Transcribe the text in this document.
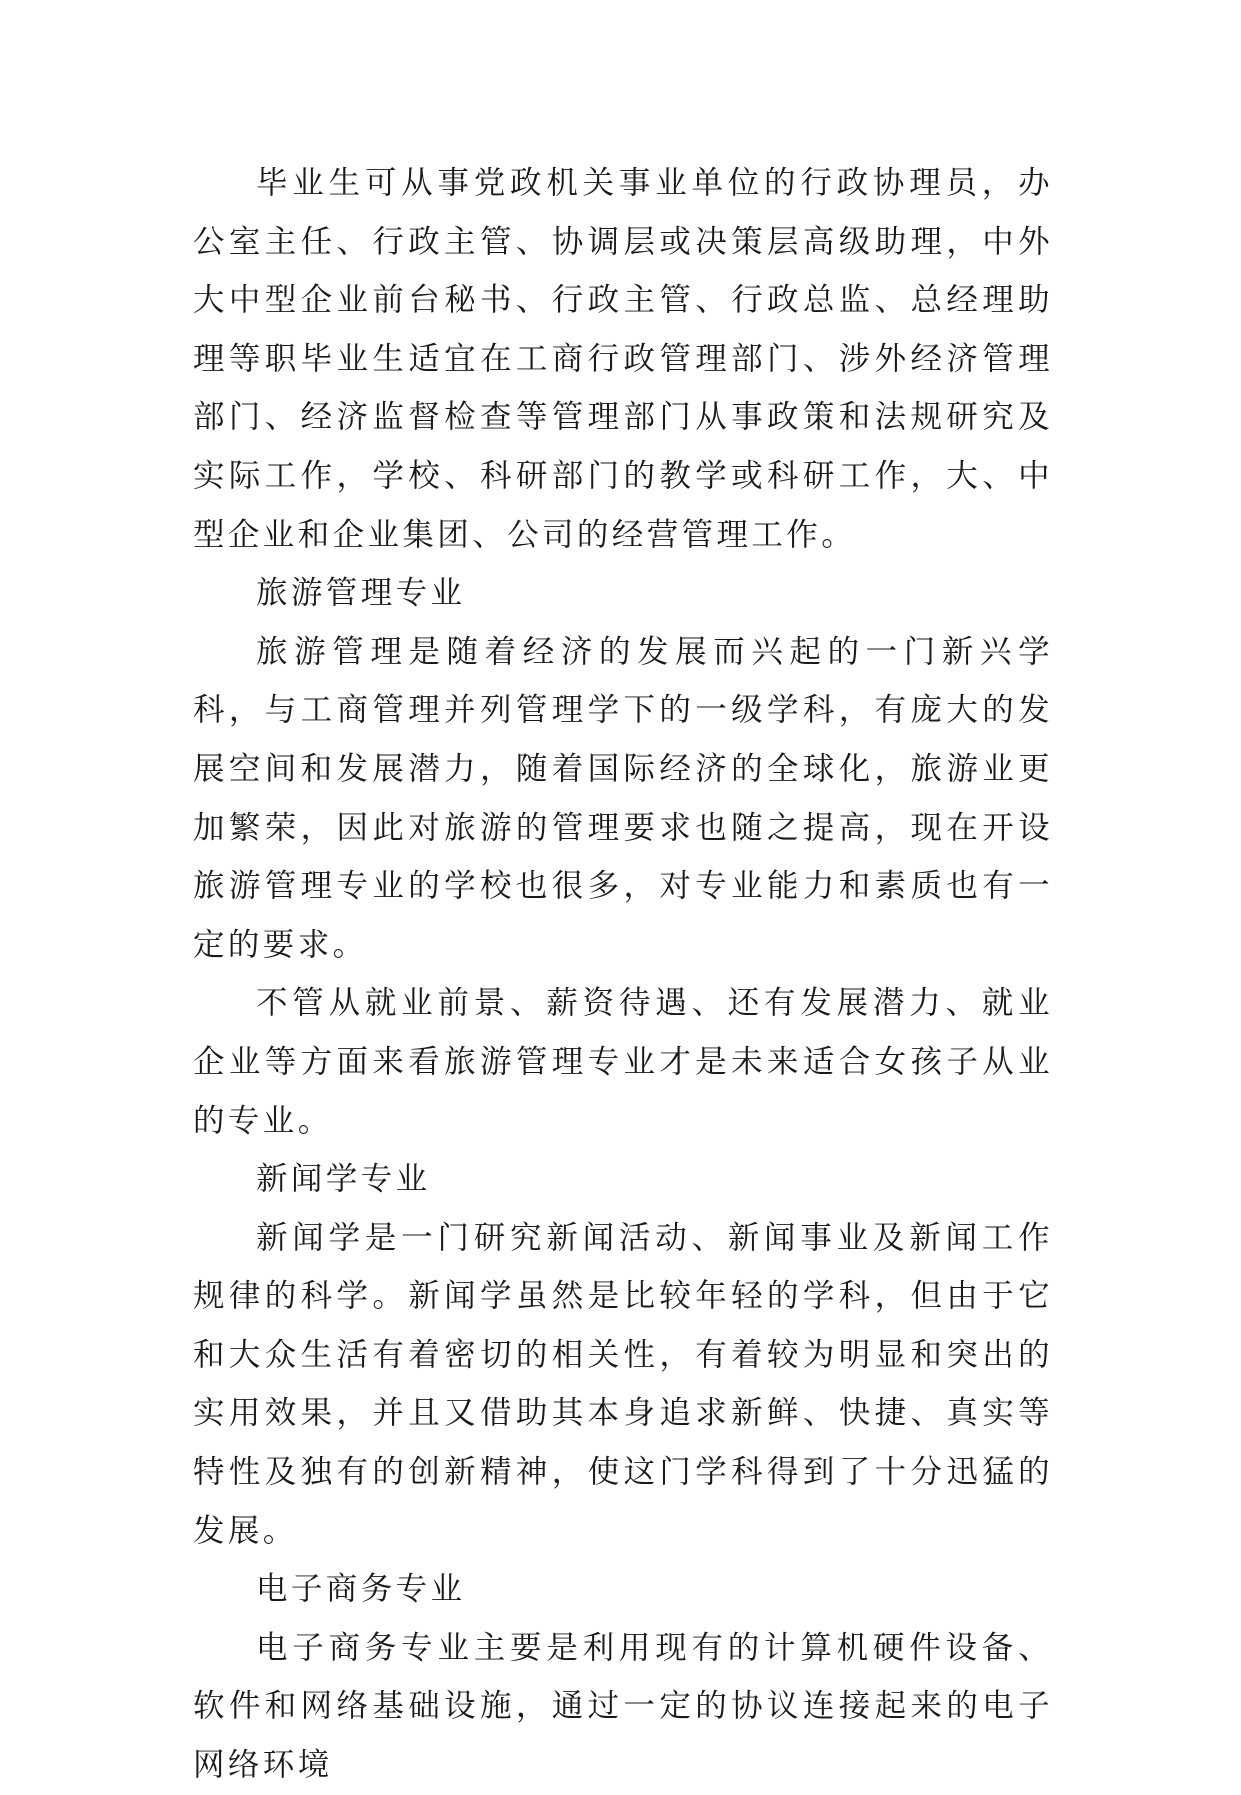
毕业生可从事党政机关事业单位的行政协理员，办公室主任、行政主管、协调层或决策层高级助理，中外大中型企业前台秘书、行政主管、行政总监、总经理助理等职毕业生适宜在工商行政管理部门、涉外经济管理部门、经济监督检查等管理部门从事政策和法规研究及实际工作，学校、科研部门的教学或科研工作，大、中型企业和企业集团、公司的经营管理工作。

旅游管理专业

旅游管理是随着经济的发展而兴起的一门新兴学科，与工商管理并列管理学下的一级学科，有庞大的发展空间和发展潜力，随着国际经济的全球化，旅游业更加繁荣，因此对旅游的管理要求也随之提高，现在开设旅游管理专业的学校也很多，对专业能力和素质也有一定的要求。

不管从就业前景、薪资待遇、还有发展潜力、就业企业等方面来看旅游管理专业才是未来适合女孩子从业的专业。

新闻学专业

新闻学是一门研究新闻活动、新闻事业及新闻工作规律的科学。新闻学虽然是比较年轻的学科，但由于它和大众生活有着密切的相关性，有着较为明显和突出的实用效果，并且又借助其本身追求新鲜、快捷、真实等特性及独有的创新精神，使这门学科得到了十分迅猛的发展。

电子商务专业

电子商务专业主要是利用现有的计算机硬件设备、软件和网络基础设施，通过一定的协议连接起来的电子网络环境
